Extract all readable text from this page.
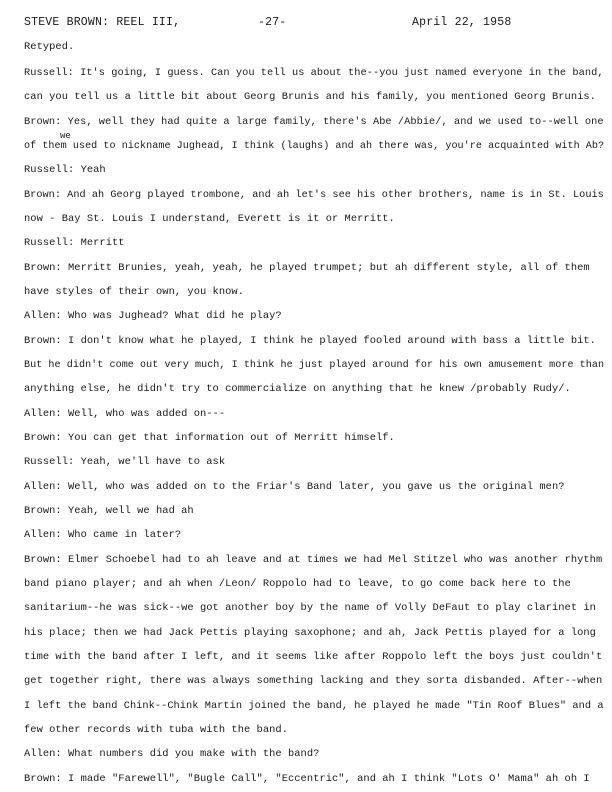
STEVE BROWN: REEL III,	-27-	April 22, 1958
we
Retyped.
Russell: It's going, I guess. Can you tell us about the--you just named everyone in the band,
can you tell us a little bit about Georg Brunis and his family, you mentioned Georg Brunis.
Brown: Yes, well they had quite a large family, there's Abe /Abbie/, and we used to--well one
of them used to nickname Jughead, I think (laughs) and ah there was, you're acquainted with Ab?
Russell: Yeah
Brown: And ah Georg played trombone, and ah let's see his other brothers, name is in St. Louis
now - Bay St. Louis I understand, Everett is it or Merritt.
Russell: Merritt
Brown: Merritt Brunies, yeah, yeah, he played trumpet; but ah different style, all of them
have styles of their own, you know.
Allen: Who was Jughead? What did he play?
Brown: I don't know what he played, I think he played fooled around with bass a little bit.
But he didn't come out very much, I think he just played around for his own amusement more than
anything else, he didn't try to commercialize on anything that he knew /probably Rudy/.
Allen: Well, who was added on---
Brown: You can get that information out of Merritt himself.
Russell: Yeah, we'll have to ask
Allen: Well, who was added on to the Friar's Band later, you gave us the original men?
Brown: Yeah, well we had ah
Allen: Who came in later?
Brown: Elmer Schoebel had to ah leave and at times we had Mel Stitzel who was another rhythm
band piano player; and ah when /Leon/ Roppolo had to leave, to go come back here to the
sanitarium--he was sick--we got another boy by the name of Volly DeFaut to play clarinet in
his place; then we had Jack Pettis playing saxophone; and ah, Jack Pettis played for a long
time with the band after I left, and it seems like after Roppolo left the boys just couldn't
get together right, there was always something lacking and they sorta disbanded. After--when
I left the band Chink--Chink Martin joined the band, he played he made "Tin Roof Blues" and a
few other records with tuba with the band.
Allen: What numbers did you make with the band?
Brown: I made "Farewell", "Bugle Call", "Eccentric", and ah I think "Lots O' Mama" ah oh I
